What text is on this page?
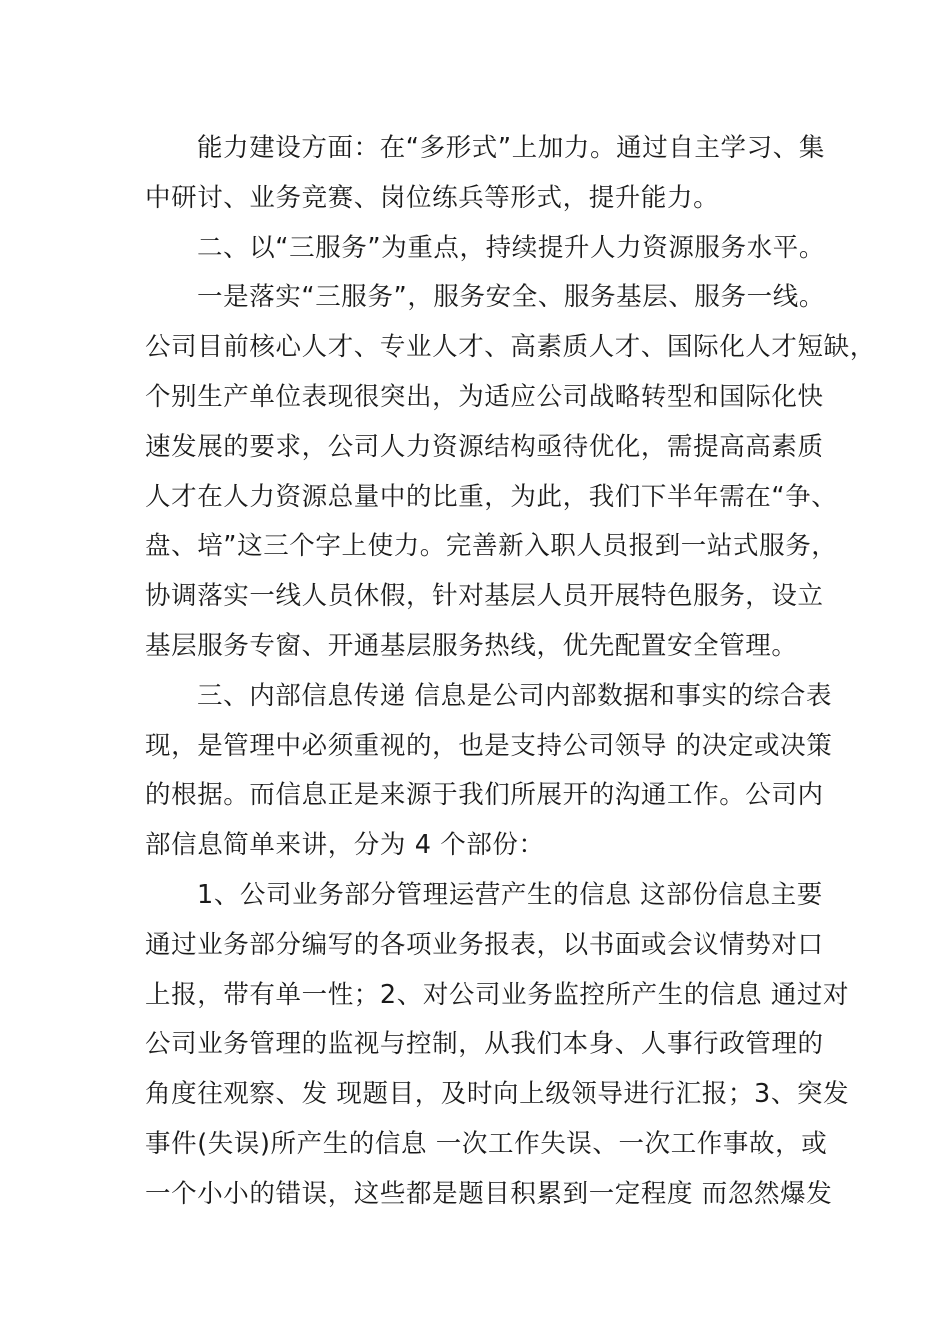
能力建设方面：在“多形式”上加力。通过自主学习、集
中研讨、业务竞赛、岗位练兵等形式，提升能力。
二、以“三服务”为重点，持续提升人力资源服务水平。
一是落实“三服务”，服务安全、服务基层、服务一线。
公司目前核心人才、专业人才、高素质人才、国际化人才短缺，
个别生产单位表现很突出，为适应公司战略转型和国际化快
速发展的要求，公司人力资源结构亟待优化，需提高高素质
人才在人力资源总量中的比重，为此，我们下半年需在“争、
盘、培”这三个字上使力。完善新入职人员报到一站式服务，
协调落实一线人员休假，针对基层人员开展特色服务，设立
基层服务专窗、开通基层服务热线，优先配置安全管理。
三、内部信息传递 信息是公司内部数据和事实的综合表
现，是管理中必须重视的，也是支持公司领导 的决定或决策
的根据。而信息正是来源于我们所展开的沟通工作。公司内
部信息简单来讲，分为 4 个部份：
1、公司业务部分管理运营产生的信息 这部份信息主要
通过业务部分编写的各项业务报表，以书面或会议情势对口
上报，带有单一性；2、对公司业务监控所产生的信息 通过对
公司业务管理的监视与控制，从我们本身、人事行政管理的
角度往观察、发 现题目，及时向上级领导进行汇报；3、突发
事件(失误)所产生的信息 一次工作失误、一次工作事故，或
一个小小的错误，这些都是题目积累到一定程度 而忽然爆发
